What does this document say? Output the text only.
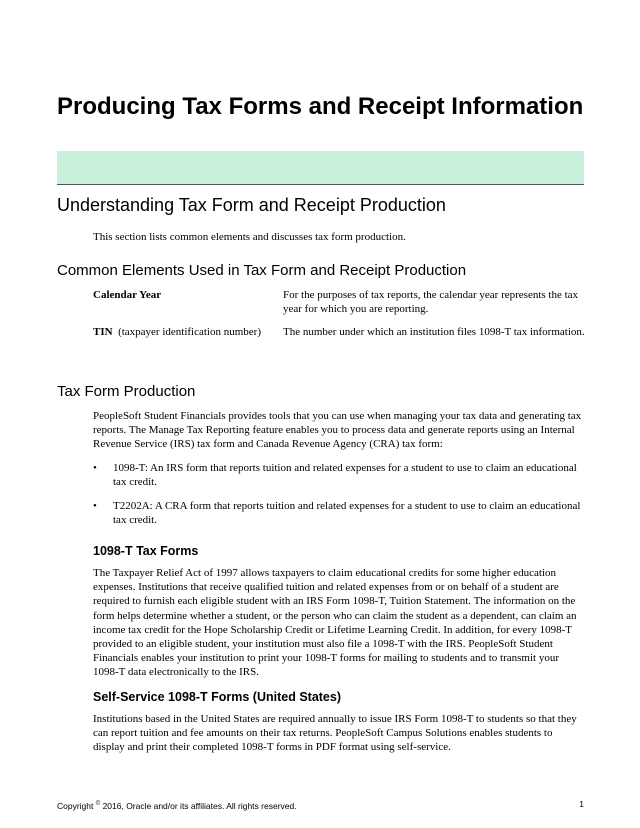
Producing Tax Forms and Receipt Information
Understanding Tax Form and Receipt Production

This section lists common elements and discusses tax form production.

Common Elements Used in Tax Form and Receipt Production
Calendar Year	For the purposes of tax reports, the calendar year represents the tax year for which you are reporting.
TIN (taxpayer identification number)	The number under which an institution files 1098-T tax information.
Tax Form Production

PeopleSoft Student Financials provides tools that you can use when managing your tax data and generating tax reports. The Manage Tax Reporting feature enables you to process data and generate reports using an Internal Revenue Service (IRS) tax form and Canada Revenue Agency (CRA) tax form:

• 1098-T: An IRS form that reports tuition and related expenses for a student to use to claim an educational tax credit.
• T2202A: A CRA form that reports tuition and related expenses for a student to use to claim an educational tax credit.
1098-T Tax Forms

The Taxpayer Relief Act of 1997 allows taxpayers to claim educational credits for some higher education expenses. Institutions that receive qualified tuition and related expenses from or on behalf of a student are required to furnish each eligible student with an IRS Form 1098-T, Tuition Statement. The information on the form helps determine whether a student, or the person who can claim the student as a dependent, can claim an income tax credit for the Hope Scholarship Credit or Lifetime Learning Credit. In addition, for every 1098-T provided to an eligible student, your institution must also file a 1098-T with the IRS. PeopleSoft Student Financials enables your institution to print your 1098-T forms for mailing to students and to transmit your 1098-T data electronically to the IRS.

Self-Service 1098-T Forms (United States)

Institutions based in the United States are required annually to issue IRS Form 1098-T to students so that they can report tuition and fee amounts on their tax returns. PeopleSoft Campus Solutions enables students to display and print their completed 1098-T forms in PDF format using self-service.

Copyright © 2016, Oracle and/or its affiliates. All rights reserved.	1
